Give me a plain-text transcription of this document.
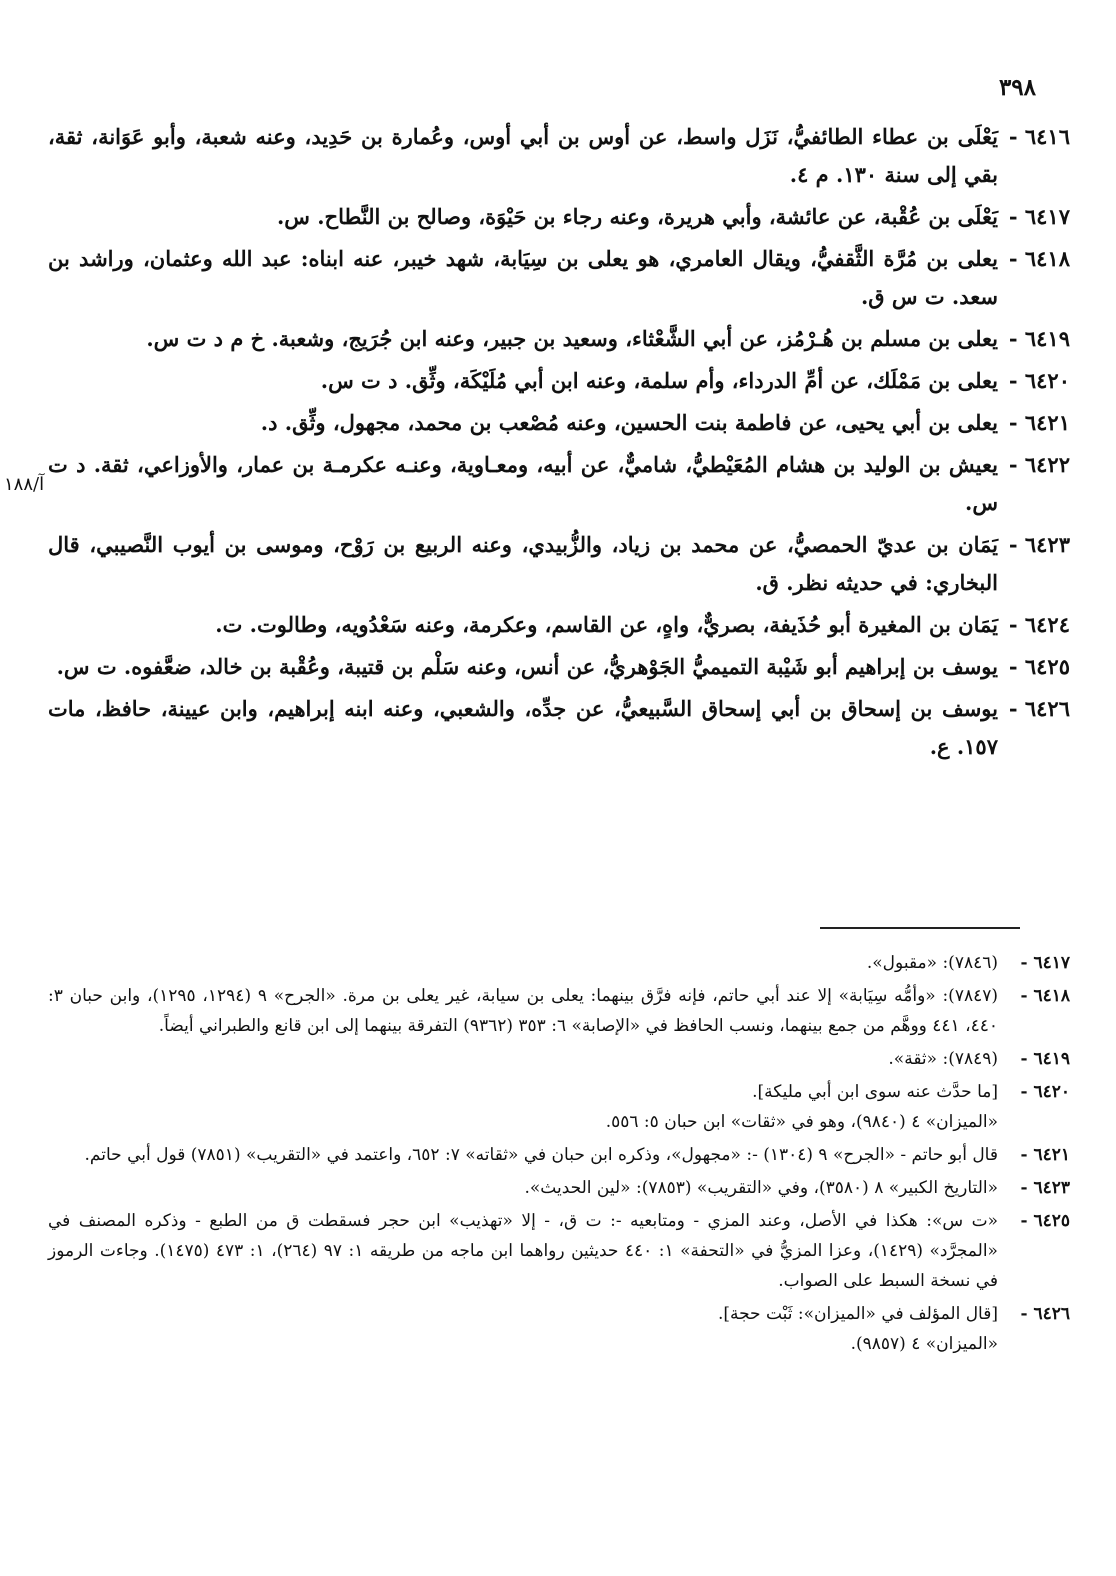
٣٩٨
آ/١٨٨
٦٤١٦ -يَعْلَى بن عطاء الطائفيُّ، نَزَل واسط، عن أوس بن أبي أوس، وعُمارة بن حَدِيد، وعنه شعبة، وأبو عَوَانة، ثقة، بقي إلى سنة ١٣٠. م ٤.
٦٤١٧ -يَعْلَى بن عُقْبة، عن عائشة، وأبي هريرة، وعنه رجاء بن حَيْوَة، وصالح بن النَّطاح. س.
٦٤١٨ -يعلى بن مُرَّة الثَّقفيُّ، ويقال العامري، هو يعلى بن سِيَابة، شهد خيبر، عنه ابناه: عبد الله وعثمان، وراشد بن سعد. ت س ق.
٦٤١٩ -يعلى بن مسلم بن هُـرْمُز، عن أبي الشَّعْثاء، وسعيد بن جبير، وعنه ابن جُرَيج، وشعبة. خ م د ت س.
٦٤٢٠ -يعلى بن مَمْلَك، عن أمِّ الدرداء، وأم سلمة، وعنه ابن أبي مُلَيْكَة، وثِّق. د ت س.
٦٤٢١ -يعلى بن أبي يحيى، عن فاطمة بنت الحسين، وعنه مُصْعب بن محمد، مجهول، وثِّق. د.
٦٤٢٢ -يعيش بن الوليد بن هشام المُعَيْطيُّ، شاميٌّ، عن أبيه، ومعـاوية، وعنـه عكرمـة بن عمار، والأوزاعي، ثقة. د ت س.
٦٤٢٣ -يَمَان بن عديّ الحمصيُّ، عن محمد بن زياد، والزُّبيدي، وعنه الربيع بن رَوْح، وموسى بن أيوب النَّصيبي، قال البخاري: في حديثه نظر. ق.
٦٤٢٤ -يَمَان بن المغيرة أبو حُذَيفة، بصريٌّ، واهٍ، عن القاسم، وعكرمة، وعنه سَعْدُويه، وطالوت. ت.
٦٤٢٥ -يوسف بن إبراهيم أبو شَيْبة التميميُّ الجَوْهريُّ، عن أنس، وعنه سَلْم بن قتيبة، وعُقْبة بن خالد، ضعَّفوه. ت س.
٦٤٢٦ -يوسف بن إسحاق بن أبي إسحاق السَّبيعيُّ، عن جدِّه، والشعبي، وعنه ابنه إبراهيم، وابن عيينة، حافظ، مات ١٥٧. ع.
٦٤١٧ -(٧٨٤٦): «مقبول».
٦٤١٨ -(٧٨٤٧): «وأمُّه سِيَابة» إلا عند أبي حاتم، فإنه فرَّق بينهما: يعلى بن سيابة، غير يعلى بن مرة. «الجرح» ٩ (١٢٩٤، ١٢٩٥)، وابن حبان ٣: ٤٤٠، ٤٤١ ووهَّم من جمع بينهما، ونسب الحافظ في «الإصابة» ٦: ٣٥٣ (٩٣٦٢) التفرقة بينهما إلى ابن قانع والطبراني أيضاً.
٦٤١٩ -(٧٨٤٩): «ثقة».
٦٤٢٠ -[ما حدَّث عنه سوى ابن أبي مليكة].
«الميزان» ٤ (٩٨٤٠)، وهو في «ثقات» ابن حبان ٥: ٥٥٦.
٦٤٢١ -قال أبو حاتم - «الجرح» ٩ (١٣٠٤) -: «مجهول»، وذكره ابن حبان في «ثقاته» ٧: ٦٥٢، واعتمد في «التقريب» (٧٨٥١) قول أبي حاتم.
٦٤٢٣ -«التاريخ الكبير» ٨ (٣٥٨٠)، وفي «التقريب» (٧٨٥٣): «لين الحديث».
٦٤٢٥ -«ت س»: هكذا في الأصل، وعند المزي - ومتابعيه -: ت ق، - إلا «تهذيب» ابن حجر فسقطت ق من الطبع - وذكره المصنف في «المجرَّد» (١٤٢٩)، وعزا المزيُّ في «التحفة» ١: ٤٤٠ حديثين رواهما ابن ماجه من طريقه ١: ٩٧ (٢٦٤)، ١: ٤٧٣ (١٤٧٥). وجاءت الرموز في نسخة السبط على الصواب.
٦٤٢٦ -[قال المؤلف في «الميزان»: ثَبْت حجة].
«الميزان» ٤ (٩٨٥٧).
